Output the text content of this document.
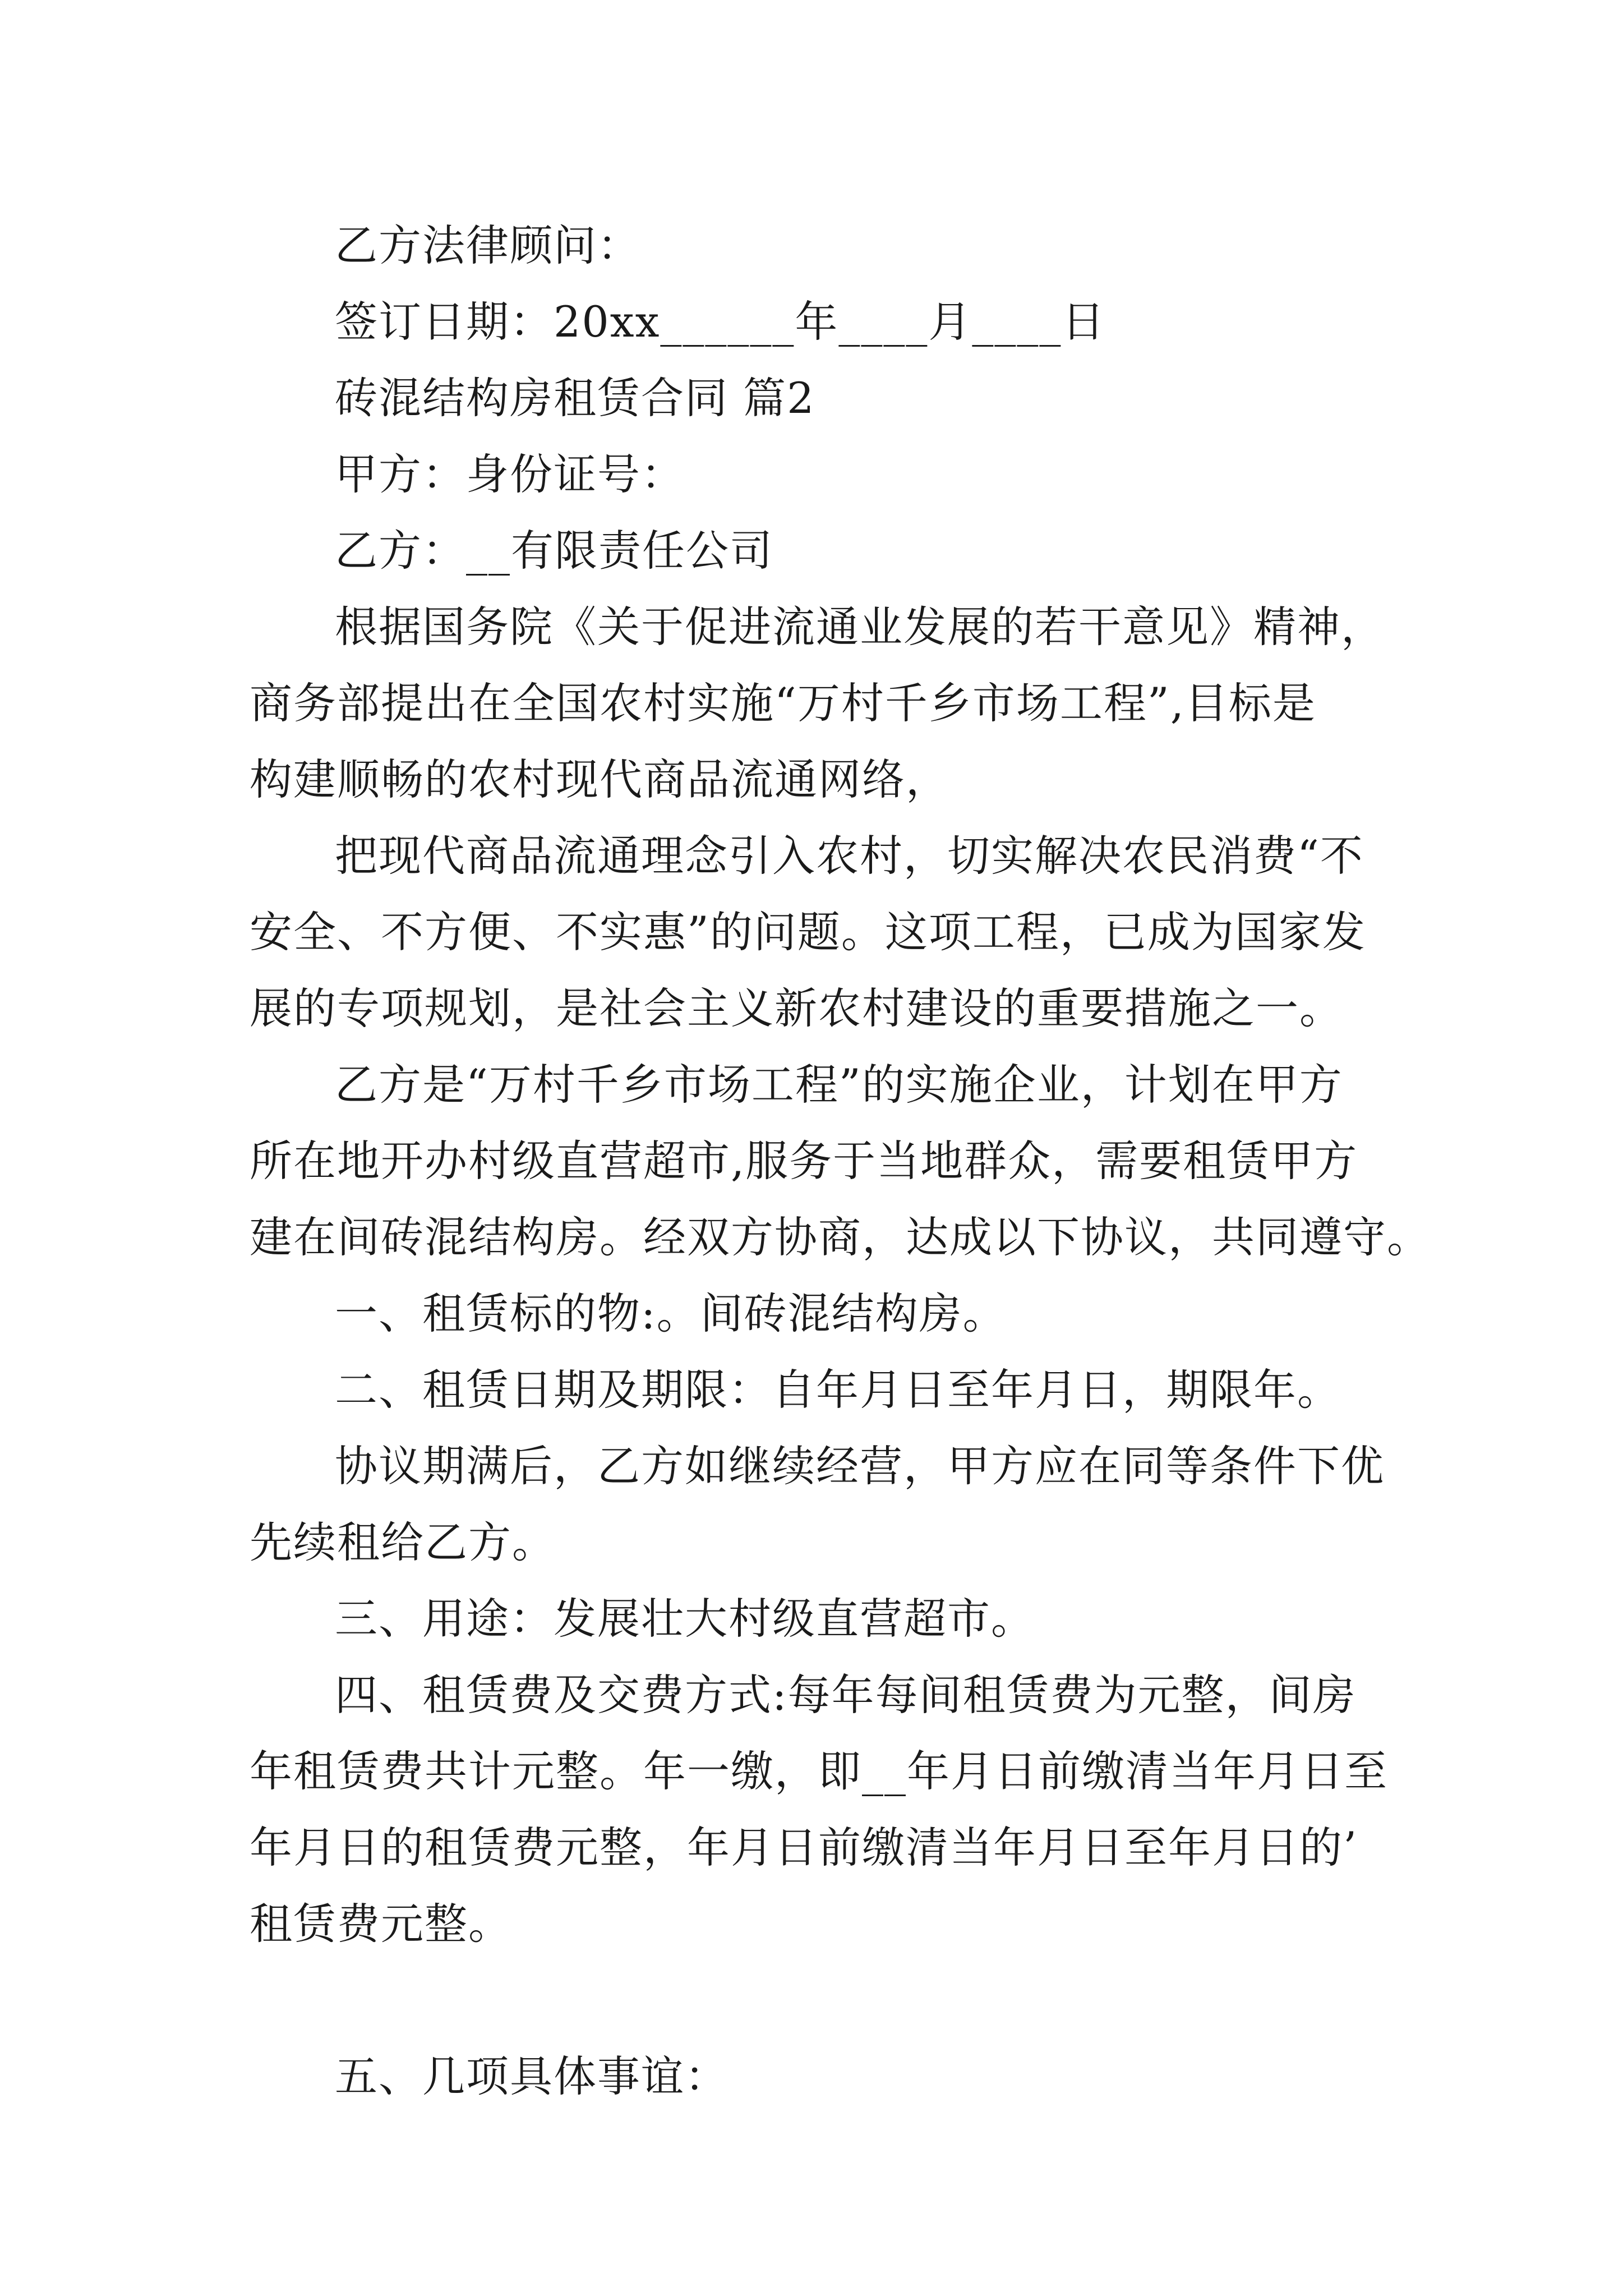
乙方法律顾问：
签订日期：20xx______年____月____日
砖混结构房租赁合同 篇2
甲方：身份证号：
乙方：__有限责任公司
根据国务院《关于促进流通业发展的若干意见》精神，
商务部提出在全国农村实施“万村千乡市场工程”,目标是
构建顺畅的农村现代商品流通网络，
把现代商品流通理念引入农村，切实解决农民消费“不
安全、不方便、不实惠”的问题。这项工程，已成为国家发
展的专项规划，是社会主义新农村建设的重要措施之一。
乙方是“万村千乡市场工程”的实施企业，计划在甲方
所在地开办村级直营超市,服务于当地群众，需要租赁甲方
建在间砖混结构房。经双方协商，达成以下协议，共同遵守。
一、租赁标的物:。间砖混结构房。
二、租赁日期及期限：自年月日至年月日，期限年。
协议期满后，乙方如继续经营，甲方应在同等条件下优
先续租给乙方。
三、用途：发展壮大村级直营超市。
四、租赁费及交费方式:每年每间租赁费为元整，间房
年租赁费共计元整。年一缴，即__年月日前缴清当年月日至
年月日的租赁费元整，年月日前缴清当年月日至年月日的’
租赁费元整。
五、几项具体事谊：
